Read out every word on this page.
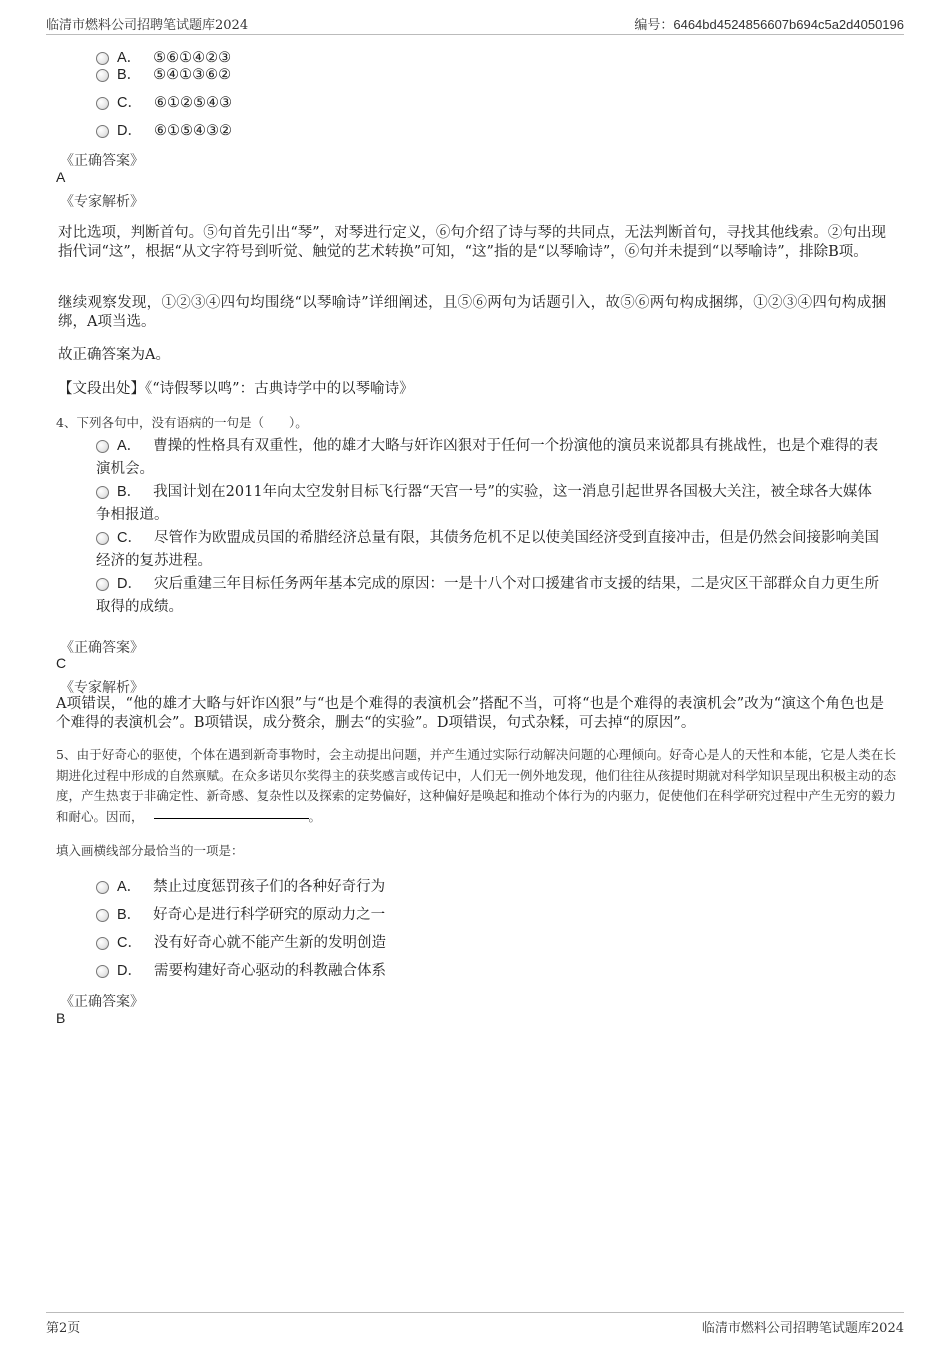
临清市燃料公司招聘笔试题库2024	编号：6464bd4524856607b694c5a2d4050196
A． ⑤⑥①④②③
B． ⑤④①③⑥②
C． ⑥①②⑤④③
D． ⑥①⑤④③②
《正确答案》
A
《专家解析》
对比选项，判断首句。⑤句首先引出“琴”，对琴进行定义，⑥句介绍了诗与琴的共同点，无法判断首句，寻找其他线索。②句出现指代词“这”，根据“从文字符号到听觉、触觉的艺术转换”可知，“这”指的是“以琴喻诗”，⑥句并未提到“以琴喻诗”，排除B项。
继续观察发现，①②③④四句均围绕“以琴喻诗”详细阐述，且⑤⑥两句为话题引入，故⑤⑥两句构成捆绑，①②③④四句构成捆绑，A项当选。
故正确答案为A。
【文段出处】《“诗假琴以鸣”：古典诗学中的以琴喻诗》
4、下列各句中，没有语病的一句是（　　）。
A． 曹操的性格具有双重性，他的雄才大略与奸诈凶狠对于任何一个扮演他的演员来说都具有挑战性，也是个难得的表演机会。
B． 我国计划在2011年向太空发射目标飞行器“天宫一号”的实验，这一消息引起世界各国极大关注，被全球各大媒体争相报道。
C． 尽管作为欧盟成员国的希腊经济总量有限，其债务危机不足以使美国经济受到直接冲击，但是仍然会间接影响美国经济的复苏进程。
D． 灾后重建三年目标任务两年基本完成的原因：一是十八个对口援建省市支援的结果，二是灾区干部群众自力更生所取得的成绩。
《正确答案》
C
《专家解析》
A项错误，“他的雄才大略与奸诈凶狠”与“也是个难得的表演机会”搭配不当，可将“也是个难得的表演机会”改为“演这个角色也是个难得的表演机会”。B项错误，成分赘余，删去“的实验”。D项错误，句式杂糅，可去掉“的原因”。
5、由于好奇心的驱使，个体在遇到新奇事物时，会主动提出问题，并产生通过实际行动解决问题的心理倾向。好奇心是人的天性和本能，它是人类在长期进化过程中形成的自然禀赋。在众多诺贝尔奖得主的获奖感言或传记中，人们无一例外地发现，他们往往从孩提时期就对科学知识呈现出积极主动的态度，产生热衷于非确定性、新奇感、复杂性以及探索的定势偏好，这种偏好是唤起和推动个体行为的内驱力，促使他们在科学研究过程中产生无穷的毅力和耐心。因而，	。
填入画横线部分最恰当的一项是：
A． 禁止过度惩罚孩子们的各种好奇行为
B． 好奇心是进行科学研究的原动力之一
C． 没有好奇心就不能产生新的发明创造
D． 需要构建好奇心驱动的科教融合体系
《正确答案》
B
第2页	临清市燃料公司招聘笔试题库2024
